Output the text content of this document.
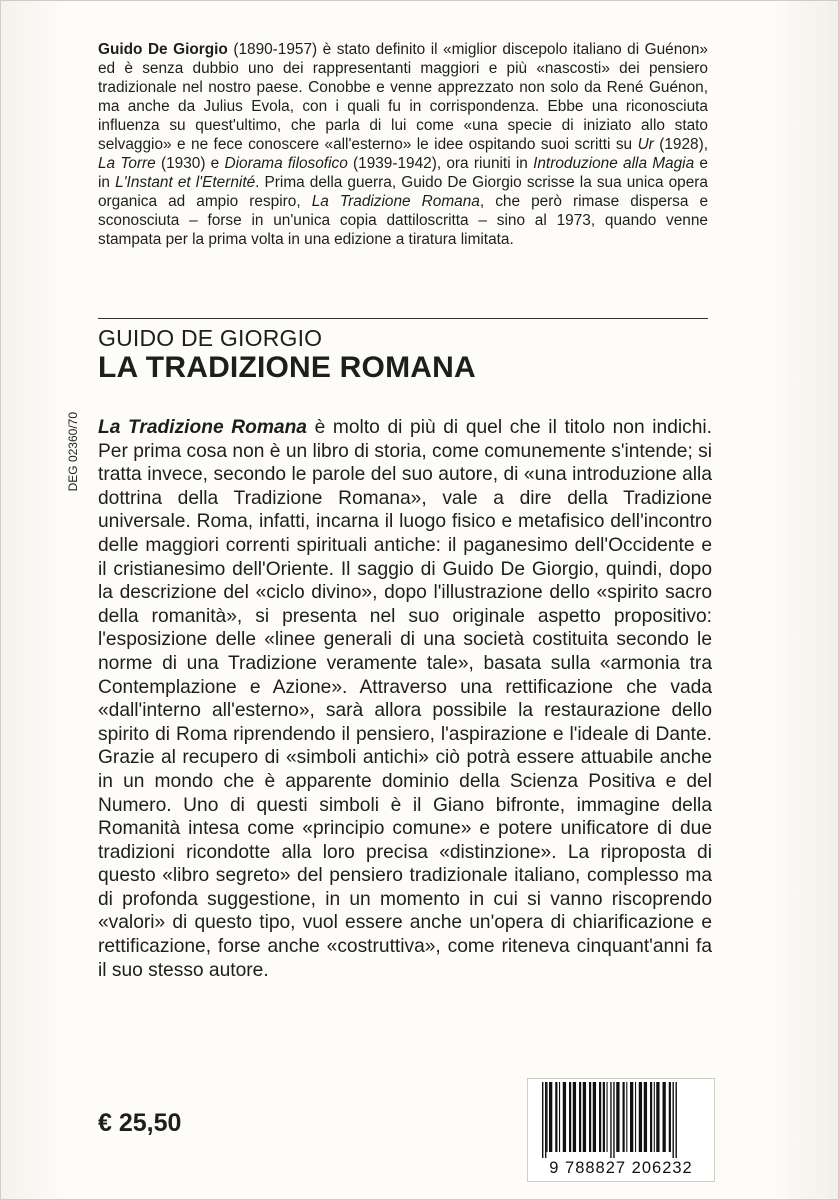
Guido De Giorgio (1890-1957) è stato definito il «miglior discepolo italiano di Guénon» ed è senza dubbio uno dei rappresentanti maggiori e più «nascosti» dei pensiero tradizionale nel nostro paese. Conobbe e venne apprezzato non solo da René Guénon, ma anche da Julius Evola, con i quali fu in corrispondenza. Ebbe una riconosciuta influenza su quest'ultimo, che parla di lui come «una specie di iniziato allo stato selvaggio» e ne fece conoscere «all'esterno» le idee ospitando suoi scritti su Ur (1928), La Torre (1930) e Diorama filosofico (1939-1942), ora riuniti in Introduzione alla Magia e in L'Instant et l'Eternité. Prima della guerra, Guido De Giorgio scrisse la sua unica opera organica ad ampio respiro, La Tradizione Romana, che però rimase dispersa e sconosciuta – forse in un'unica copia dattiloscritta – sino al 1973, quando venne stampata per la prima volta in una edizione a tiratura limitata.

GUIDO DE GIORGIO
LA TRADIZIONE ROMANA
DEG 02360/70 La Tradizione Romana è molto di più di quel che il titolo non indichi. Per prima cosa non è un libro di storia, come comunemente s'intende; si tratta invece, secondo le parole del suo autore, di «una introduzione alla dottrina della Tradizione Romana», vale a dire della Tradizione universale. Roma, infatti, incarna il luogo fisico e metafisico dell'incontro delle maggiori correnti spirituali antiche: il paganesimo dell'Occidente e il cristianesimo dell'Oriente. Il saggio di Guido De Giorgio, quindi, dopo la descrizione del «ciclo divino», dopo l'illustrazione dello «spirito sacro della romanità», si presenta nel suo originale aspetto propositivo: l'esposizione delle «linee generali di una società costituita secondo le norme di una Tradizione veramente tale», basata sulla «armonia tra Contemplazione e Azione». Attraverso una rettificazione che vada «dall'interno all'esterno», sarà allora possibile la restaurazione dello spirito di Roma riprendendo il pensiero, l'aspirazione e l'ideale di Dante. Grazie al recupero di «simboli antichi» ciò potrà essere attuabile anche in un mondo che è apparente dominio della Scienza Positiva e del Numero. Uno di questi simboli è il Giano bifronte, immagine della Romanità intesa come «principio comune» e potere unificatore di due tradizioni ricondotte alla loro precisa «distinzione». La riproposta di questo «libro segreto» del pensiero tradizionale italiano, complesso ma di profonda suggestione, in un momento in cui si vanno riscoprendo «valori» di questo tipo, vuol essere anche un'opera di chiarificazione e rettificazione, forse anche «costruttiva», come riteneva cinquant'anni fa il suo stesso autore.

€ 25,50
9 788827 206232
